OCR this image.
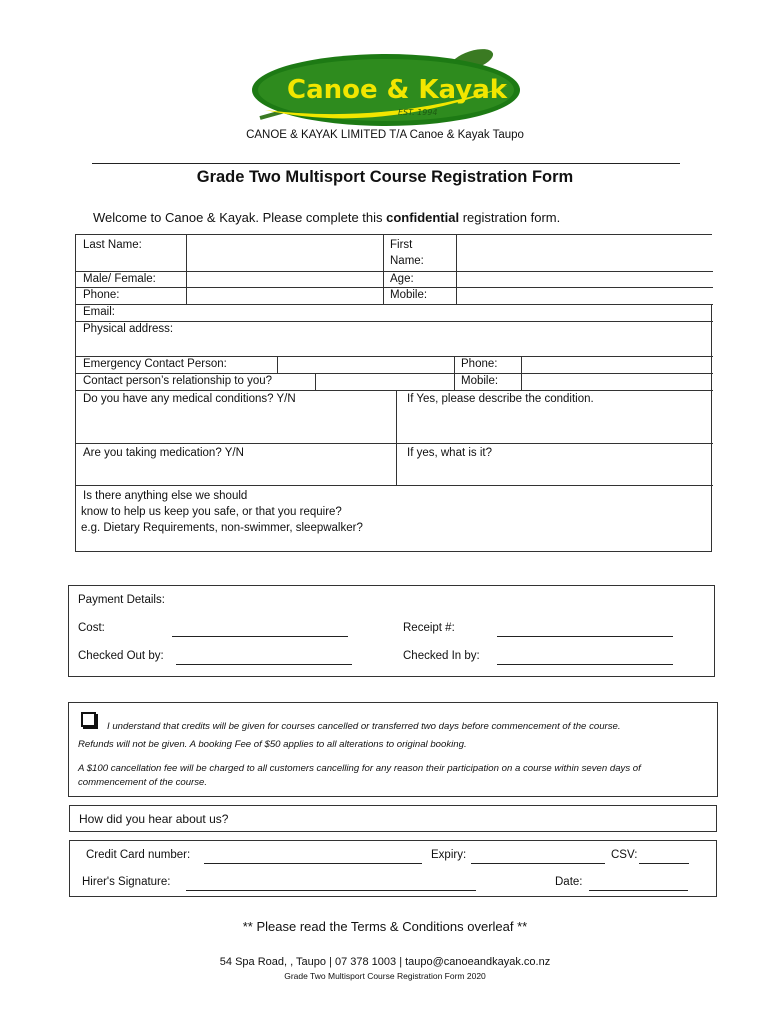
Canoe & Kayak
EST. 1994
CANOE & KAYAK LIMITED T/A Canoe & Kayak Taupo
Grade Two Multisport Course Registration Form
Welcome to Canoe & Kayak. Please complete this confidential registration form.
Last Name:	First
Name:
Male/ Female:	Age:
Phone:	Mobile:
Email:
Physical address:
Emergency Contact Person:	Phone:
Contact person’s relationship to you?	Mobile:
Do you have any medical conditions? Y/N	If Yes, please describe the condition.
Are you taking medication? Y/N	If yes, what is it?
Is there anything else we should
know to help us keep you safe, or that you require?
e.g. Dietary Requirements, non-swimmer, sleepwalker?
Payment Details:
Cost:	Receipt #:
Checked Out by:	Checked In by:
I understand that credits will be given for courses cancelled or transferred two days before commencement of the course.
Refunds will not be given. A booking Fee of $50 applies to all alterations to original booking.
A $100 cancellation fee will be charged to all customers cancelling for any reason their participation on a course within seven days of
commencement of the course.
How did you hear about us?
Credit Card number:	Expiry:	CSV:
Hirer's Signature:	Date:
** Please read the Terms & Conditions overleaf **
54 Spa Road, , Taupo | 07 378 1003 | taupo@canoeandkayak.co.nz
Grade Two Multisport Course Registration Form 2020
